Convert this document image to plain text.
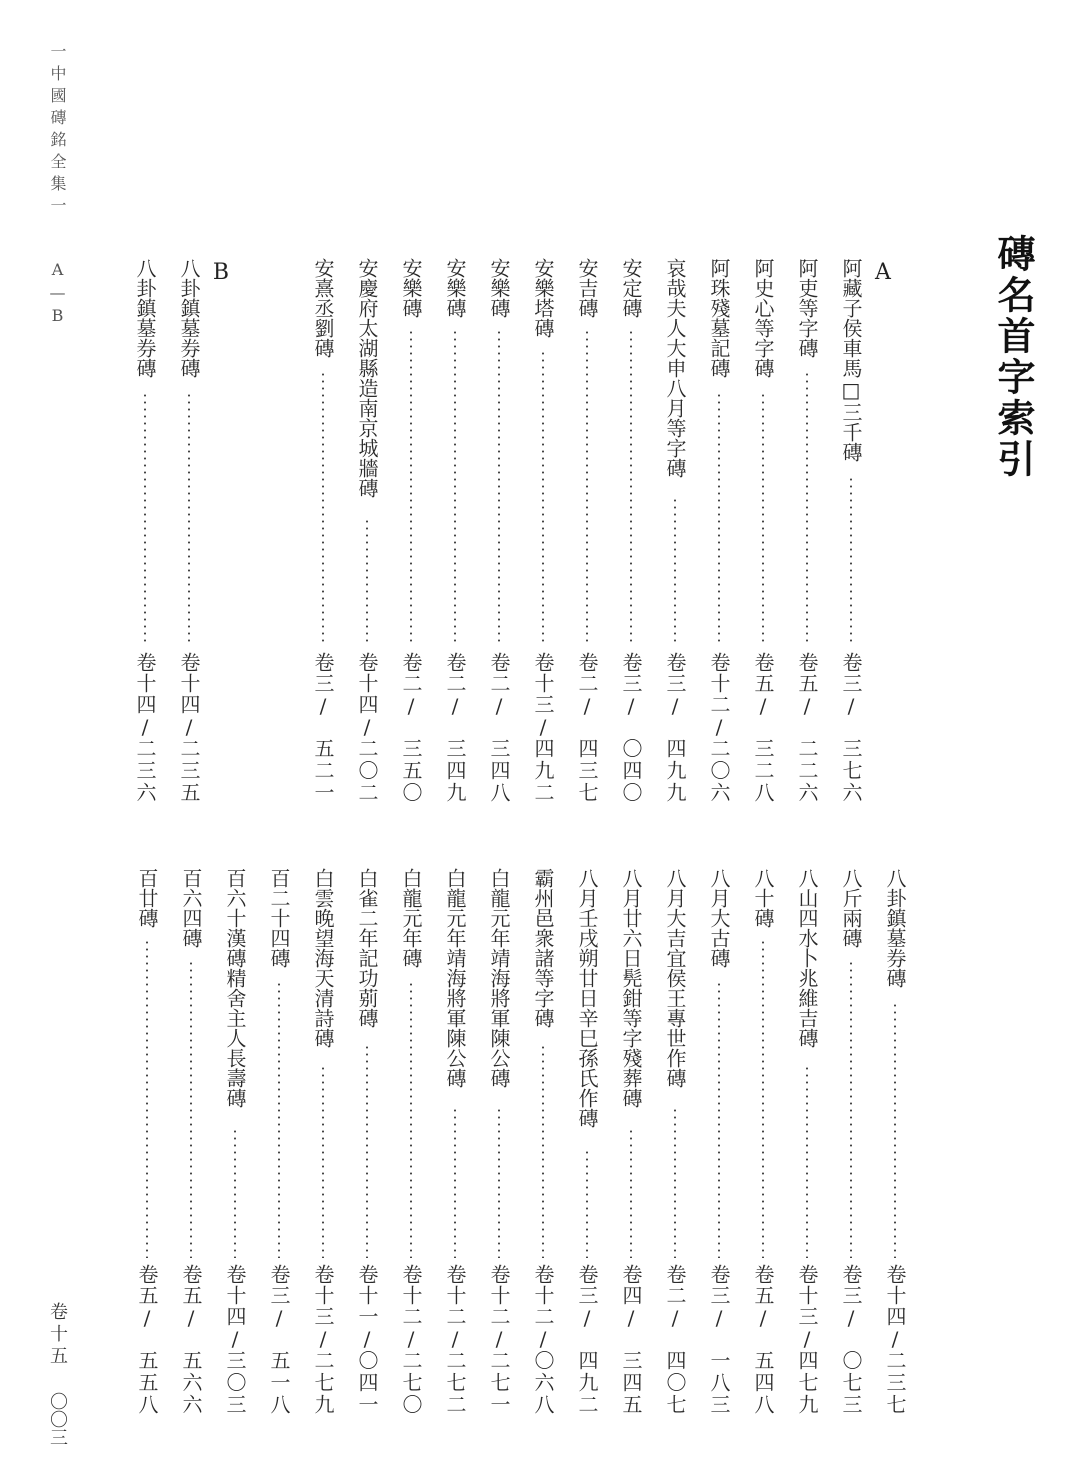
一中國磚銘全集一
A—B
卷十五
〇〇三
磚名首字索引
A
B	阿藏子侯車馬□三千磚
卷三/
三七六
阿吏等字磚
卷五/
二二六
阿史心等字磚
卷五/
三二八
阿珠殘墓記磚
卷十二/
二〇六
哀哉夫人大申八月等字磚
卷三/
四九九
安定磚
卷三/
〇四〇
安吉磚
卷二/
四三七
安樂塔磚
卷十三/
四九二
安樂磚
卷二/
三四八
安樂磚
卷二/
三四九
安樂磚
卷二/
三五〇
安慶府太湖縣造南京城牆磚
卷十四/
二〇二
安熹丞劉磚
卷三/
五二一
八卦鎮墓券磚
卷十四/
二三五
八卦鎮墓券磚
卷十四/
二三六
八卦鎮墓券磚
卷十四/
二三七
八斤兩磚
卷三/
〇七三
八山四水卜兆維吉磚
卷十三/
四七九
八十磚
卷五/
五四八
八月大古磚
卷三/
一八三
八月大吉宜侯王專世作磚
卷二/
四〇七
八月廿六日髡鉗等字殘葬磚
卷四/
三四五
八月壬戌朔廿日辛巳孫氏作磚
卷三/
四九二
霸州邑衆諸等字磚
卷十二/
〇六八
白龍元年靖海將軍陳公磚
卷十二/
二七一
白龍元年靖海將軍陳公磚
卷十二/
二七二
白龍元年磚
卷十二/
二七〇
白雀二年記功莂磚
卷十一/
〇四一
白雲晚望海天清詩磚
卷十三/
二七九
百二十四磚
卷三/
五一八
百六十漢磚精舍主人長壽磚
卷十四/
三〇三
百六四磚
卷五/
五六六
百廿磚
卷五/
五五八
